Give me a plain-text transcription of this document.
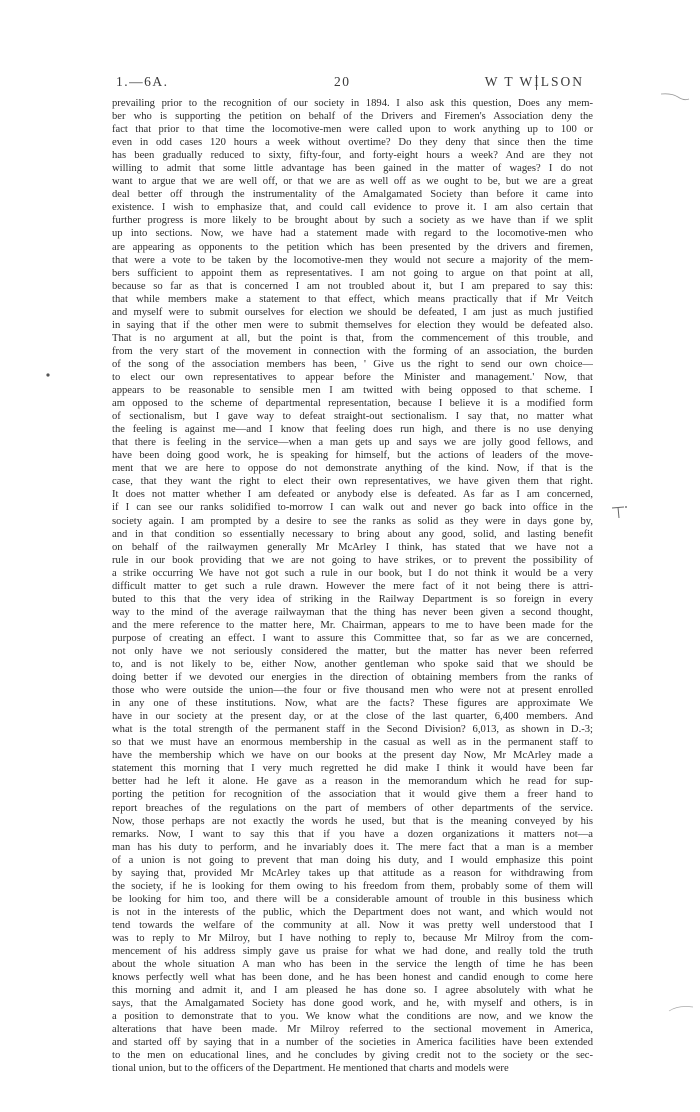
1.—6A.	20	W T WILSON
prevailing prior to the recognition of our society in 1894. I also ask this question, Does any mem-
ber who is supporting the petition on behalf of the Drivers and Firemen's Association deny the
fact that prior to that time the locomotive-men were called upon to work anything up to 100 or
even in odd cases 120 hours a week without overtime? Do they deny that since then the time
has been gradually reduced to sixty, fifty-four, and forty-eight hours a week? And are they not
willing to admit that some little advantage has been gained in the matter of wages? I do not
want to argue that we are well off, or that we are as well off as we ought to be, but we are a great
deal better off through the instrumentality of the Amalgamated Society than before it came into
existence. I wish to emphasize that, and could call evidence to prove it. I am also certain that
further progress is more likely to be brought about by such a society as we have than if we split
up into sections. Now, we have had a statement made with regard to the locomotive-men who
are appearing as opponents to the petition which has been presented by the drivers and firemen,
that were a vote to be taken by the locomotive-men they would not secure a majority of the mem-
bers sufficient to appoint them as representatives. I am not going to argue on that point at all,
because so far as that is concerned I am not troubled about it, but I am prepared to say this:
that while members make a statement to that effect, which means practically that if Mr Veitch
and myself were to submit ourselves for election we should be defeated, I am just as much justified
in saying that if the other men were to submit themselves for election they would be defeated also.
That is no argument at all, but the point is that, from the commencement of this trouble, and
from the very start of the movement in connection with the forming of an association, the burden
of the song of the association members has been, ' Give us the right to send our own choice—
to elect our own representatives to appear before the Minister and management.' Now, that
appears to be reasonable to sensible men I am twitted with being opposed to that scheme. I
am opposed to the scheme of departmental representation, because I believe it is a modified form
of sectionalism, but I gave way to defeat straight-out sectionalism. I say that, no matter what
the feeling is against me—and I know that feeling does run high, and there is no use denying
that there is feeling in the service—when a man gets up and says we are jolly good fellows, and
have been doing good work, he is speaking for himself, but the actions of leaders of the move-
ment that we are here to oppose do not demonstrate anything of the kind. Now, if that is the
case, that they want the right to elect their own representatives, we have given them that right.
It does not matter whether I am defeated or anybody else is defeated. As far as I am concerned,
if I can see our ranks solidified to-morrow I can walk out and never go back into office in the
society again. I am prompted by a desire to see the ranks as solid as they were in days gone by,
and in that condition so essentially necessary to bring about any good, solid, and lasting benefit
on behalf of the railwaymen generally Mr McArley I think, has stated that we have not a
rule in our book providing that we are not going to have strikes, or to prevent the possibility of
a strike occurring We have not got such a rule in our book, but I do not think it would be a very
difficult matter to get such a rule drawn. However the mere fact of it not being there is attri-
buted to this that the very idea of striking in the Railway Department is so foreign in every
way to the mind of the average railwayman that the thing has never been given a second thought,
and the mere reference to the matter here, Mr. Chairman, appears to me to have been made for the
purpose of creating an effect. I want to assure this Committee that, so far as we are concerned,
not only have we not seriously considered the matter, but the matter has never been referred
to, and is not likely to be, either Now, another gentleman who spoke said that we should be
doing better if we devoted our energies in the direction of obtaining members from the ranks of
those who were outside the union—the four or five thousand men who were not at present enrolled
in any one of these institutions. Now, what are the facts? These figures are approximate We
have in our society at the present day, or at the close of the last quarter, 6,400 members. And
what is the total strength of the permanent staff in the Second Division? 6,013, as shown in D.-3;
so that we must have an enormous membership in the casual as well as in the permanent staff to
have the membership which we have on our books at the present day Now, Mr McArley made a
statement this morning that I very much regretted he did make I think it would have been far
better had he left it alone. He gave as a reason in the memorandum which he read for sup-
porting the petition for recognition of the association that it would give them a freer hand to
report breaches of the regulations on the part of members of other departments of the service.
Now, those perhaps are not exactly the words he used, but that is the meaning conveyed by his
remarks. Now, I want to say this that if you have a dozen organizations it matters not—a
man has his duty to perform, and he invariably does it. The mere fact that a man is a member
of a union is not going to prevent that man doing his duty, and I would emphasize this point
by saying that, provided Mr McArley takes up that attitude as a reason for withdrawing from
the society, if he is looking for them owing to his freedom from them, probably some of them will
be looking for him too, and there will be a considerable amount of trouble in this business which
is not in the interests of the public, which the Department does not want, and which would not
tend towards the welfare of the community at all. Now it was pretty well understood that I
was to reply to Mr Milroy, but I have nothing to reply to, because Mr Milroy from the com-
mencement of his address simply gave us praise for what we had done, and really told the truth
about the whole situation A man who has been in the service the length of time he has been
knows perfectly well what has been done, and he has been honest and candid enough to come here
this morning and admit it, and I am pleased he has done so. I agree absolutely with what he
says, that the Amalgamated Society has done good work, and he, with myself and others, is in
a position to demonstrate that to you. We know what the conditions are now, and we know the
alterations that have been made. Mr Milroy referred to the sectional movement in America,
and started off by saying that in a number of the societies in America facilities have been extended
to the men on educational lines, and he concludes by giving credit not to the society or the sec-
tional union, but to the officers of the Department. He mentioned that charts and models were
